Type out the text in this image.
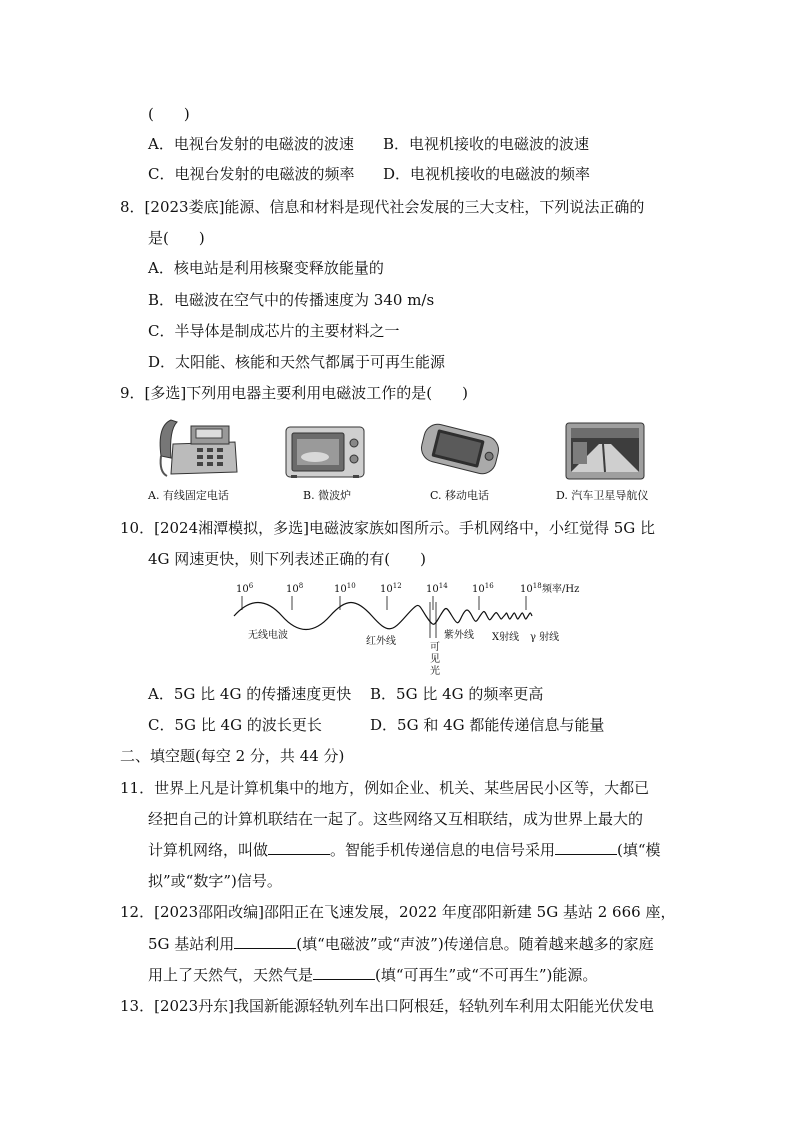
(　　)
A．电视台发射的电磁波的波速 B．电视机接收的电磁波的波速
C．电视台发射的电磁波的频率 D．电视机接收的电磁波的频率
8．[2023娄底]能源、信息和材料是现代社会发展的三大支柱，下列说法正确的
是(　　)
A．核电站是利用核聚变释放能量的
B．电磁波在空气中的传播速度为 340 m/s
C．半导体是制成芯片的主要材料之一
D．太阳能、核能和天然气都属于可再生能源
9．[多选]下列用电器主要利用电磁波工作的是(　　)
A. 有线固定电话	B. 微波炉	C. 移动电话	D. 汽车卫星导航仪
10．[2024湘潭模拟，多选]电磁波家族如图所示。手机网络中，小红觉得 5G 比
4G 网速更快，则下列表述正确的有(　　)
$10^6$	$10^8$	$10^{10}$ $10^{12}$ $10^{14}$ $10^{16}$	$10^{18}$ 频率/Hz
无线电波
红外线
可
见
光
紫外线 X射线 γ 射线
A．5G 比 4G 的传播速度更快 B．5G 比 4G 的频率更高
C．5G 比 4G 的波长更长	D．5G 和 4G 都能传递信息与能量
二、填空题(每空 2 分，共 44 分)
11．世界上凡是计算机集中的地方，例如企业、机关、某些居民小区等，大都已
经把自己的计算机联结在一起了。这些网络又互相联结，成为世界上最大的
计算机网络，叫做	。智能手机传递信息的电信号采用	(填“模
拟”或“数字”)信号。
12．[2023邵阳改编]邵阳正在飞速发展，2022 年度邵阳新建 5G 基站 2 666 座，
5G 基站利用	(填“电磁波”或“声波”)传递信息。随着越来越多的家庭
用上了天然气，天然气是	(填“可再生”或“不可再生”)能源。
13．[2023丹东]我国新能源轻轨列车出口阿根廷，轻轨列车利用太阳能光伏发电
